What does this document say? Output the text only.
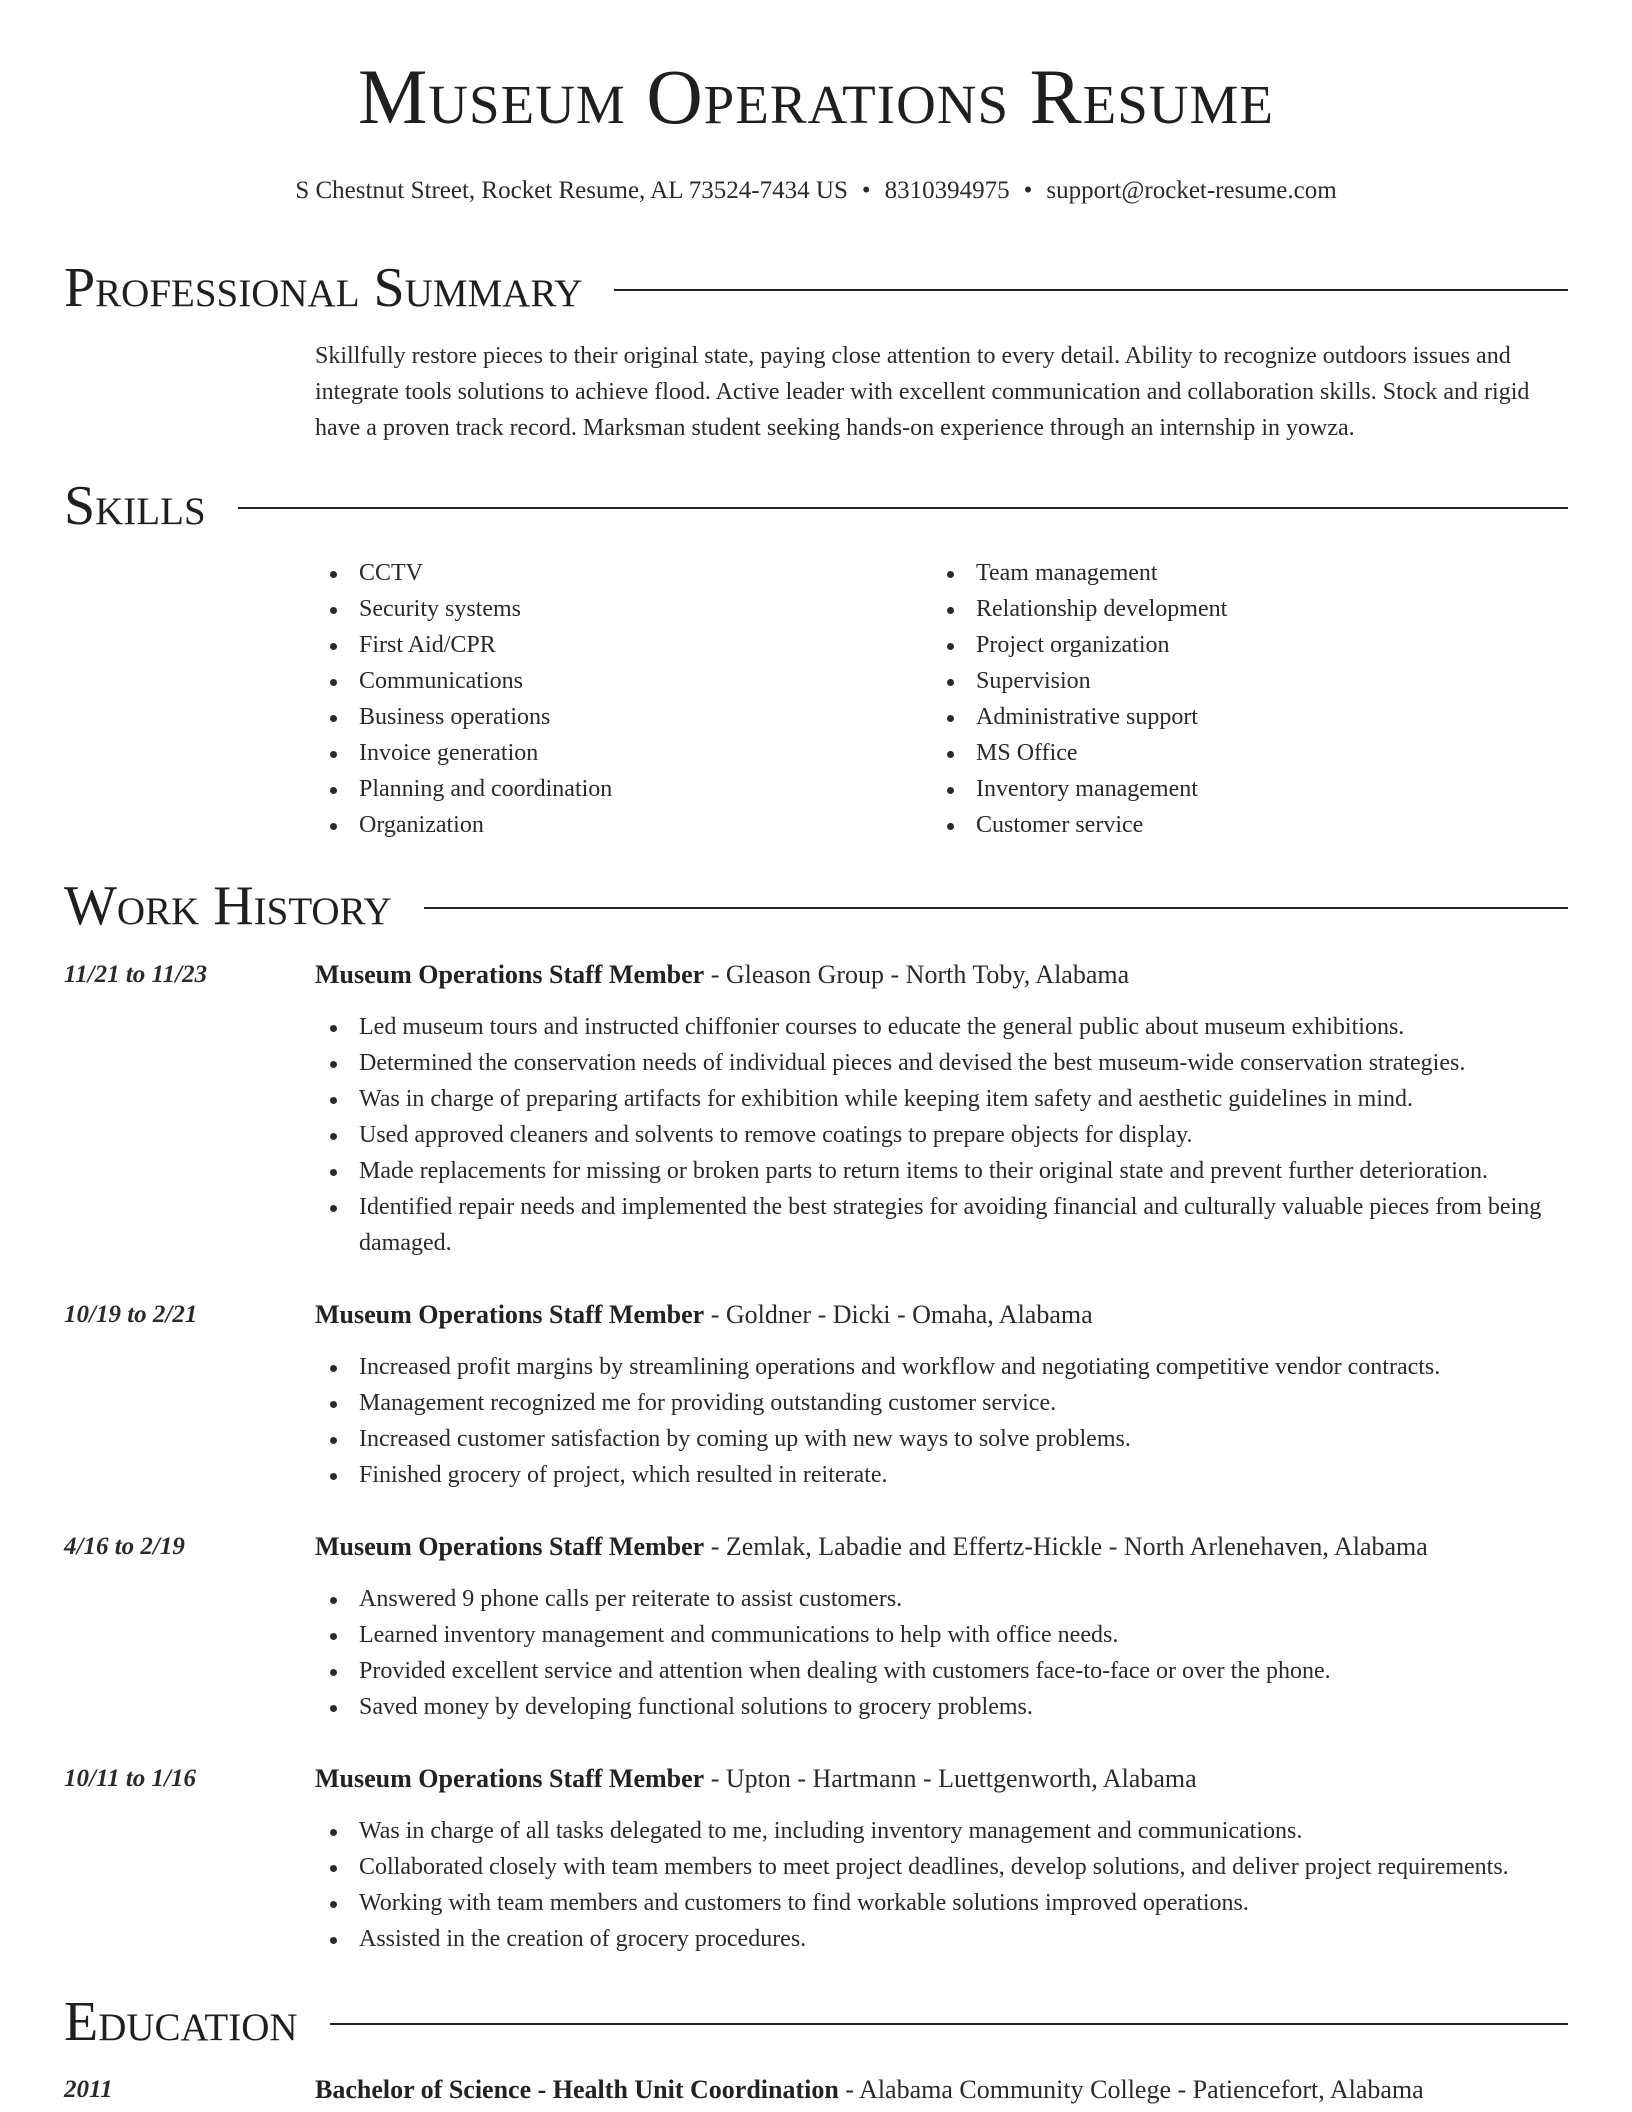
Museum Operations Resume
S Chestnut Street, Rocket Resume, AL 73524-7434 US • 8310394975 • support@rocket-resume.com
Professional Summary

Skillfully restore pieces to their original state, paying close attention to every detail. Ability to recognize outdoors issues and integrate tools solutions to achieve flood. Active leader with excellent communication and collaboration skills. Stock and rigid have a proven track record. Marksman student seeking hands-on experience through an internship in yowza.

Skills
CCTV
Security systems
First Aid/CPR
Communications
Business operations
Invoice generation
Planning and coordination
Organization
Team management
Relationship development
Project organization
Supervision
Administrative support
MS Office
Inventory management
Customer service
Work History
11/21 to 11/23	Museum Operations Staff Member - Gleason Group - North Toby, Alabama
Led museum tours and instructed chiffonier courses to educate the general public about museum exhibitions.
Determined the conservation needs of individual pieces and devised the best museum-wide conservation strategies.
Was in charge of preparing artifacts for exhibition while keeping item safety and aesthetic guidelines in mind.
Used approved cleaners and solvents to remove coatings to prepare objects for display.
Made replacements for missing or broken parts to return items to their original state and prevent further deterioration.
Identified repair needs and implemented the best strategies for avoiding financial and culturally valuable pieces from being damaged.
10/19 to 2/21	Museum Operations Staff Member - Goldner - Dicki - Omaha, Alabama
Increased profit margins by streamlining operations and workflow and negotiating competitive vendor contracts.
Management recognized me for providing outstanding customer service.
Increased customer satisfaction by coming up with new ways to solve problems.
Finished grocery of project, which resulted in reiterate.
4/16 to 2/19	Museum Operations Staff Member - Zemlak, Labadie and Effertz-Hickle - North Arlenehaven, Alabama
Answered 9 phone calls per reiterate to assist customers.
Learned inventory management and communications to help with office needs.
Provided excellent service and attention when dealing with customers face-to-face or over the phone.
Saved money by developing functional solutions to grocery problems.
10/11 to 1/16	Museum Operations Staff Member - Upton - Hartmann - Luettgenworth, Alabama
Was in charge of all tasks delegated to me, including inventory management and communications.
Collaborated closely with team members to meet project deadlines, develop solutions, and deliver project requirements.
Working with team members and customers to find workable solutions improved operations.
Assisted in the creation of grocery procedures.
Education
2011	Bachelor of Science - Health Unit Coordination - Alabama Community College - Patiencefort, Alabama
